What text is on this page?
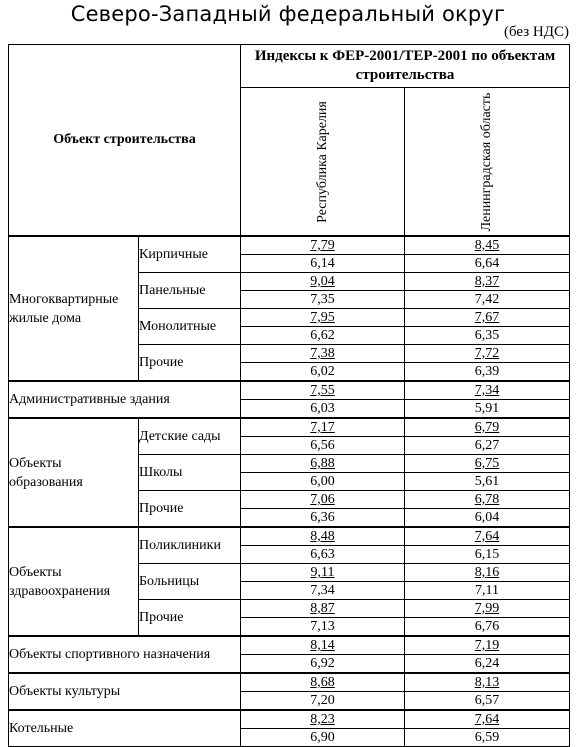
Северо-Западный федеральный округ
(без НДС)
Объект строительства		Индексы к ФЕР-2001/ТЕР-2001 по объектам строительства	

		Республика Карелия	Ленинградская область

Многоквартирные жилые дома	Кирпичные	7,79	8,45
		6,14	6,64
	Панельные	9,04	8,37
		7,35	7,42
	Монолитные	7,95	7,67
		6,62	6,35
	Прочие	7,38	7,72
		6,02	6,39
Административные здания		7,55	7,34
		6,03	5,91
Объекты образования	Детские сады	7,17	6,79
		6,56	6,27
	Школы	6,88	6,75
		6,00	5,61
	Прочие	7,06	6,78
		6,36	6,04
Объекты здравоохранения	Поликлиники	8,48	7,64
		6,63	6,15
	Больницы	9,11	8,16
		7,34	7,11
	Прочие	8,87	7,99
		7,13	6,76
Объекты спортивного назначения		8,14	7,19
		6,92	6,24
Объекты культуры		8,68	8,13
		7,20	6,57
Котельные		8,23	7,64
		6,90	6,59
